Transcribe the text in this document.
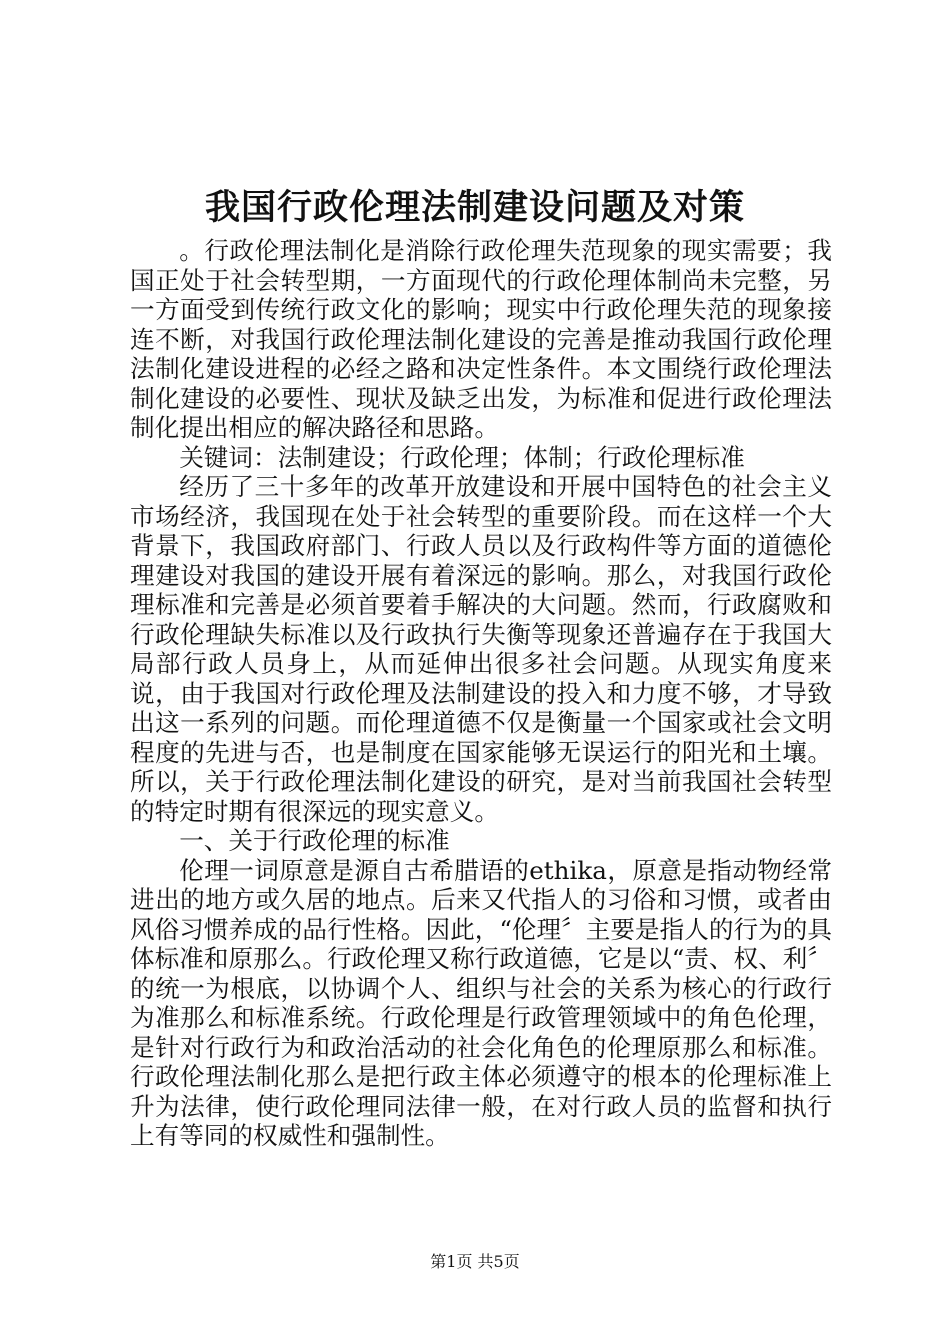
我国行政伦理法制建设问题及对策

。行政伦理法制化是消除行政伦理失范现象的现实需要；我国正处于社会转型期，一方面现代的行政伦理体制尚未完整，另一方面受到传统行政文化的影响；现实中行政伦理失范的现象接连不断，对我国行政伦理法制化建设的完善是推动我国行政伦理法制化建设进程的必经之路和决定性条件。本文围绕行政伦理法制化建设的必要性、现状及缺乏出发，为标准和促进行政伦理法制化提出相应的解决路径和思路。

关键词：法制建设；行政伦理；体制；行政伦理标准

经历了三十多年的改革开放建设和开展中国特色的社会主义市场经济，我国现在处于社会转型的重要阶段。而在这样一个大背景下，我国政府部门、行政人员以及行政构件等方面的道德伦理建设对我国的建设开展有着深远的影响。那么，对我国行政伦理标准和完善是必须首要着手解决的大问题。然而，行政腐败和行政伦理缺失标准以及行政执行失衡等现象还普遍存在于我国大局部行政人员身上，从而延伸出很多社会问题。从现实角度来说，由于我国对行政伦理及法制建设的投入和力度不够，才导致出这一系列的问题。而伦理道德不仅是衡量一个国家或社会文明程度的先进与否，也是制度在国家能够无误运行的阳光和土壤。所以，关于行政伦理法制化建设的研究，是对当前我国社会转型的特定时期有很深远的现实意义。

一、关于行政伦理的标准

伦理一词原意是源自古希腊语的ethika，原意是指动物经常进出的地方或久居的地点。后来又代指人的习俗和习惯，或者由风俗习惯养成的品行性格。因此，“伦理〞主要是指人的行为的具体标准和原那么。行政伦理又称行政道德，它是以“责、权、利〞的统一为根底，以协调个人、组织与社会的关系为核心的行政行为准那么和标准系统。行政伦理是行政管理领域中的角色伦理，是针对行政行为和政治活动的社会化角色的伦理原那么和标准。行政伦理法制化那么是把行政主体必须遵守的根本的伦理标准上升为法律，使行政伦理同法律一般，在对行政人员的监督和执行上有等同的权威性和强制性。

第1页 共5页
